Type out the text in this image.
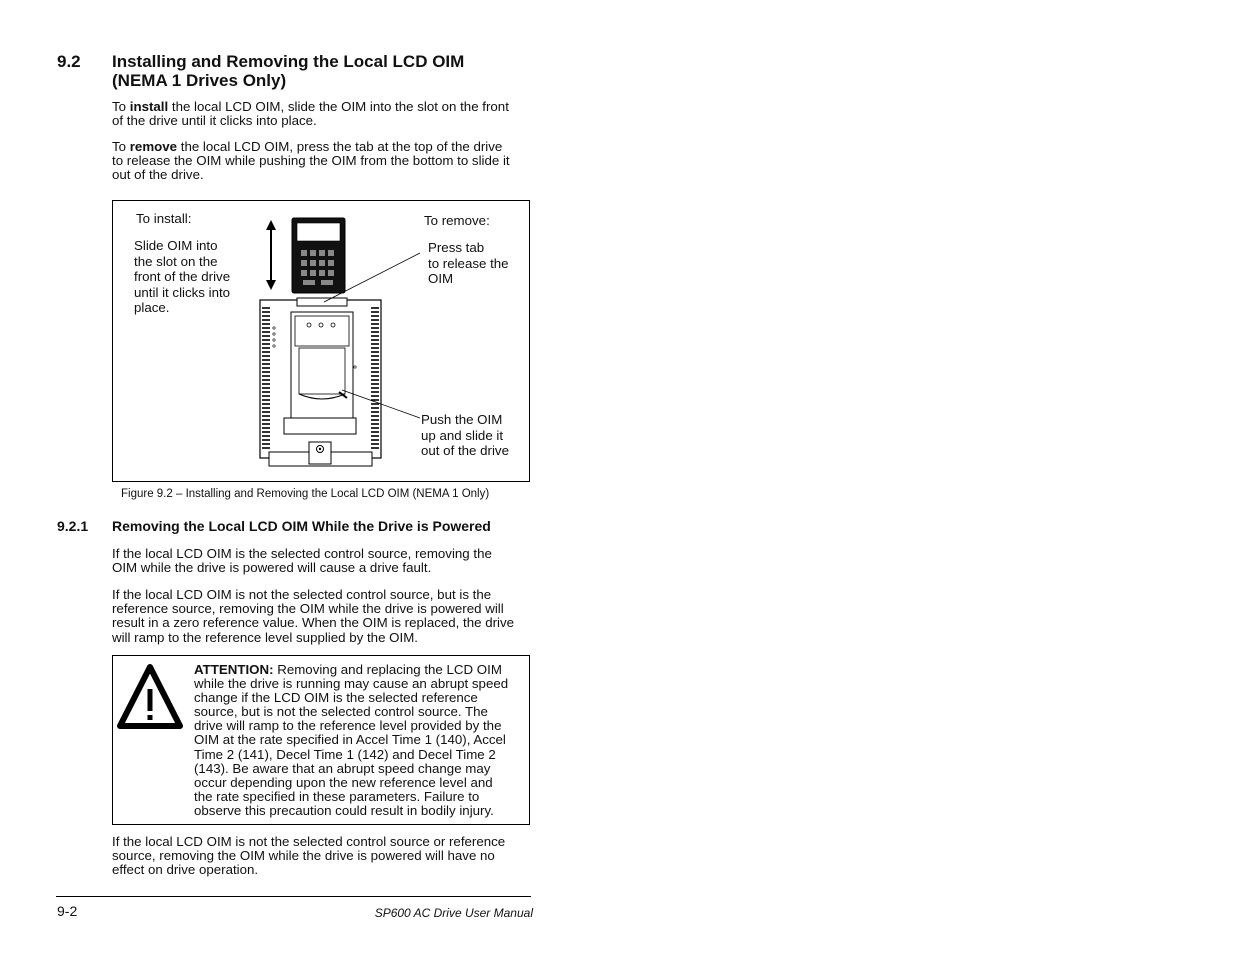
9.2 Installing and Removing the Local LCD OIM
(NEMA 1 Drives Only)
To install the local LCD OIM, slide the OIM into the slot on the front
of the drive until it clicks into place.
To remove the local LCD OIM, press the tab at the top of the drive
to release the OIM while pushing the OIM from the bottom to slide it
out of the drive.
To install:
Slide OIM into
the slot on the
front of the drive
until it clicks into
place.
To remove:
Press tab
to release the
OIM
Push the OIM
up and slide it
out of the drive
Figure 9.2 – Installing and Removing the Local LCD OIM (NEMA 1 Only)
9.2.1 Removing the Local LCD OIM While the Drive is Powered
If the local LCD OIM is the selected control source, removing the
OIM while the drive is powered will cause a drive fault.
If the local LCD OIM is not the selected control source, but is the
reference source, removing the OIM while the drive is powered will
result in a zero reference value. When the OIM is replaced, the drive
will ramp to the reference level supplied by the OIM.
ATTENTION: Removing and replacing the LCD OIM
while the drive is running may cause an abrupt speed
change if the LCD OIM is the selected reference
source, but is not the selected control source. The
drive will ramp to the reference level provided by the
OIM at the rate specified in Accel Time 1 (140), Accel
Time 2 (141), Decel Time 1 (142) and Decel Time 2
(143). Be aware that an abrupt speed change may
occur depending upon the new reference level and
the rate specified in these parameters. Failure to
observe this precaution could result in bodily injury.
If the local LCD OIM is not the selected control source or reference
source, removing the OIM while the drive is powered will have no
effect on drive operation.
9-2	SP600 AC Drive User Manual
